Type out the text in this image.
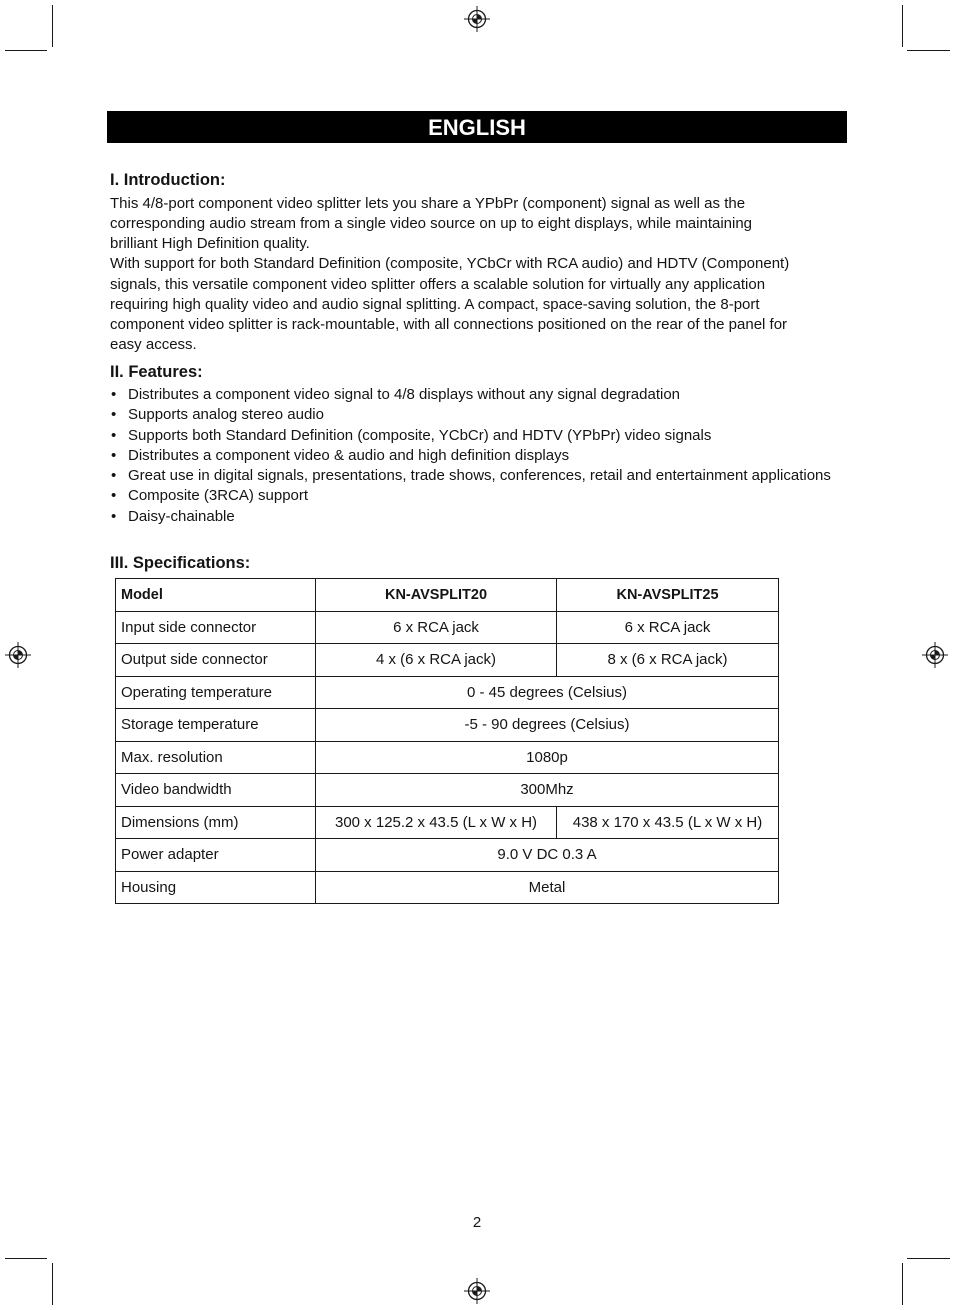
ENGLISH
I. Introduction:
This 4/8-port component video splitter lets you share a YPbPr (component) signal as well as the
corresponding audio stream from a single video source on up to eight displays, while maintaining
brilliant High Definition quality.
With support for both Standard Definition (composite, YCbCr with RCA audio) and HDTV (Component)
signals, this versatile component video splitter offers a scalable solution for virtually any application
requiring high quality video and audio signal splitting. A compact, space-saving solution, the 8-port
component video splitter is rack-mountable, with all connections positioned on the rear of the panel for
easy access.
II. Features:
• Distributes a component video signal to 4/8 displays without any signal degradation
• Supports analog stereo audio
• Supports both Standard Definition (composite, YCbCr) and HDTV (YPbPr) video signals
• Distributes a component video & audio and high definition displays
• Great use in digital signals, presentations, trade shows, conferences, retail and entertainment applications
• Composite (3RCA) support
• Daisy-chainable
III. Specifications:
Model	KN-AVSPLIT20	KN-AVSPLIT25
Input side connector	6 x RCA jack	6 x RCA jack
Output side connector	4 x (6 x RCA jack)	8 x (6 x RCA jack)
Operating temperature	0 - 45 degrees (Celsius)	
Storage temperature	-5 - 90 degrees (Celsius)	
Max. resolution	1080p	
Video bandwidth	300Mhz	
Dimensions (mm)	300 x 125.2 x 43.5 (L x W x H)	438 x 170 x 43.5 (L x W x H)
Power adapter	9.0 V DC 0.3 A	
Housing	Metal	
2
